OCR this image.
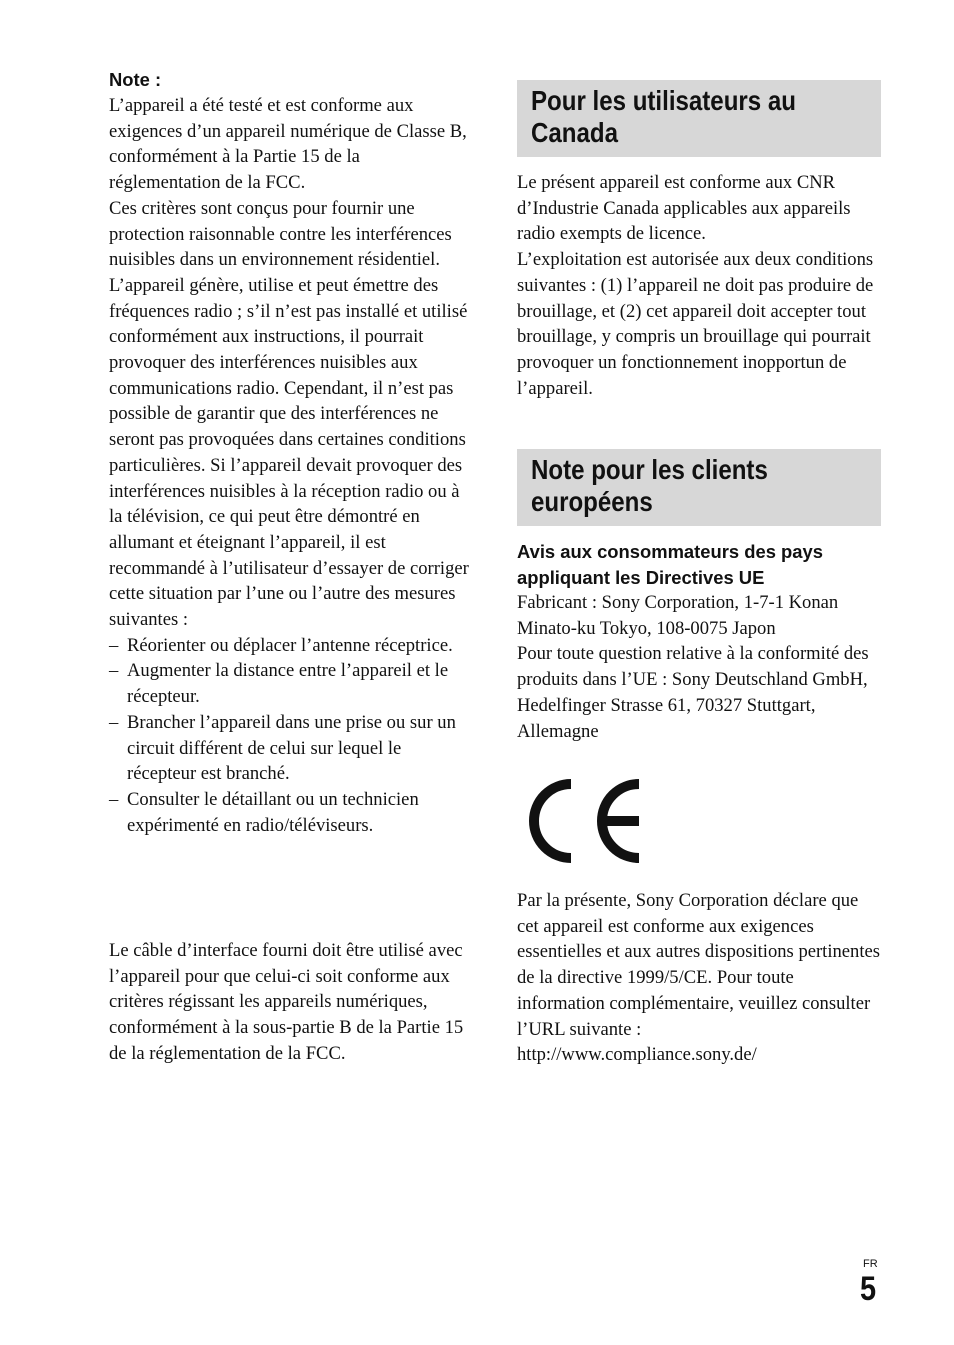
Note :

L’appareil a été testé et est conforme aux exigences d’un appareil numérique de Classe B, conformément à la Partie 15 de la réglementation de la FCC.

Ces critères sont conçus pour fournir une protection raisonnable contre les interférences nuisibles dans un environnement résidentiel. L’appareil génère, utilise et peut émettre des fréquences radio ; s’il n’est pas installé et utilisé conformément aux instructions, il pourrait provoquer des interférences nuisibles aux communications radio. Cependant, il n’est pas possible de garantir que des interférences ne seront pas provoquées dans certaines conditions particulières. Si l’appareil devait provoquer des interférences nuisibles à la réception radio ou à la télévision, ce qui peut être démontré en allumant et éteignant l’appareil, il est recommandé à l’utilisateur d’essayer de corriger cette situation par l’une ou l’autre des mesures suivantes :

– Réorienter ou déplacer l’antenne réceptrice.
– Augmenter la distance entre l’appareil et le récepteur.
– Brancher l’appareil dans une prise ou sur un circuit différent de celui sur lequel le récepteur est branché.
– Consulter le détaillant ou un technicien expérimenté en radio/téléviseurs.

Le câble d’interface fourni doit être utilisé avec l’appareil pour que celui-ci soit conforme aux critères régissant les appareils numériques, conformément à la sous-partie B de la Partie 15 de la réglementation de la FCC.

Pour les utilisateurs au Canada

Le présent appareil est conforme aux CNR d’Industrie Canada applicables aux appareils radio exempts de licence.

L’exploitation est autorisée aux deux conditions suivantes : (1) l’appareil ne doit pas produire de brouillage, et (2) cet appareil doit accepter tout brouillage, y compris un brouillage qui pourrait provoquer un fonctionnement inopportun de l’appareil.

Note pour les clients européens
Avis aux consommateurs des pays appliquant les Directives UE

Fabricant : Sony Corporation, 1-7-1 Konan Minato-ku Tokyo, 108-0075 Japon

Pour toute question relative à la conformité des produits dans l’UE : Sony Deutschland GmbH, Hedelfinger Strasse 61, 70327 Stuttgart, Allemagne

Par la présente, Sony Corporation déclare que cet appareil est conforme aux exigences essentielles et aux autres dispositions pertinentes de la directive 1999/5/CE. Pour toute information complémentaire, veuillez consulter l’URL suivante : http://www.compliance.sony.de/

FR
5
